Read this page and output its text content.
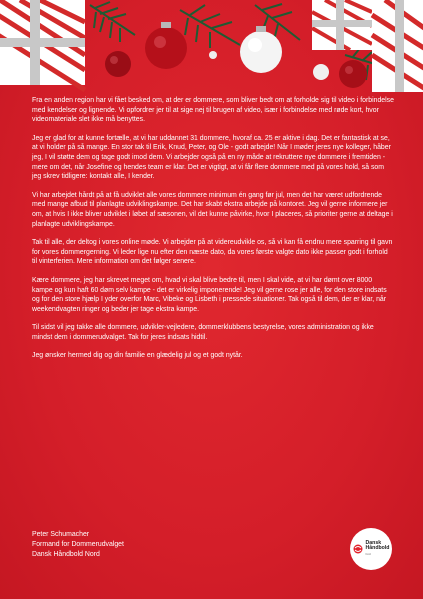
Fra en anden region har vi fået besked om, at der er dommere, som bliver bedt om at forholde sig til video i forbindelse med kendelser og lignende. Vi opfordrer jer til at sige nej til brugen af video, især i forbindelse med røde kort, hvor videomateriale slet ikke må benyttes.

Jeg er glad for at kunne fortælle, at vi har uddannet 31 dommere, hvoraf ca. 25 er aktive i dag. Det er fantastisk at se, at vi holder på så mange. En stor tak til Erik, Knud, Peter, og Ole - godt arbejde! Når I møder jeres nye kolleger, håber jeg, I vil støtte dem og tage godt imod dem. Vi arbejder også på en ny måde at rekruttere nye dommere i fremtiden - mere om det, når Josefine og hendes team er klar. Det er vigtigt, at vi får flere dommere med på vores hold, så som jeg skrev tidligere: kontakt alle, I kender.

Vi har arbejdet hårdt på at få udviklet alle vores dommere minimum én gang før jul, men det har været udfordrende med mange afbud til planlagte udviklingskampe. Det har skabt ekstra arbejde på kontoret. Jeg vil gerne informere jer om, at hvis I ikke bliver udviklet i løbet af sæsonen, vil det kunne påvirke, hvor I placeres, så prioriter gerne at deltage i planlagte udviklingskampe.

Tak til alle, der deltog i vores online møde. Vi arbejder på at videreudvikle os, så vi kan få endnu mere sparring til gavn for vores dommergerning. Vi leder lige nu efter den næste dato, da vores første valgte dato ikke passer godt i forhold til vinterferien. Mere information om det følger senere.

Kære dommere, jeg har skrevet meget om, hvad vi skal blive bedre til, men I skal vide, at vi har dømt over 8000 kampe og kun haft 60 døm selv kampe - det er virkelig imponerende! Jeg vil gerne rose jer alle, for den store indsats og for den store hjælp I yder overfor Marc, Vibeke og Lisbeth i pressede situationer. Tak også til dem, der er klar, når weekendvagten ringer og beder jer tage ekstra kampe.

Til sidst vil jeg takke alle dommere, udvikler-vejledere, dommerklubbens bestyrelse, vores administration og ikke mindst dem i dommerudvalget. Tak for jeres indsats hidtil.

Jeg ønsker hermed dig og din familie en glædelig jul og et godt nytår.

Peter Schumacher
Formand for Dommerudvalget
Dansk Håndbold Nord
Dansk
Håndbold
Nord
